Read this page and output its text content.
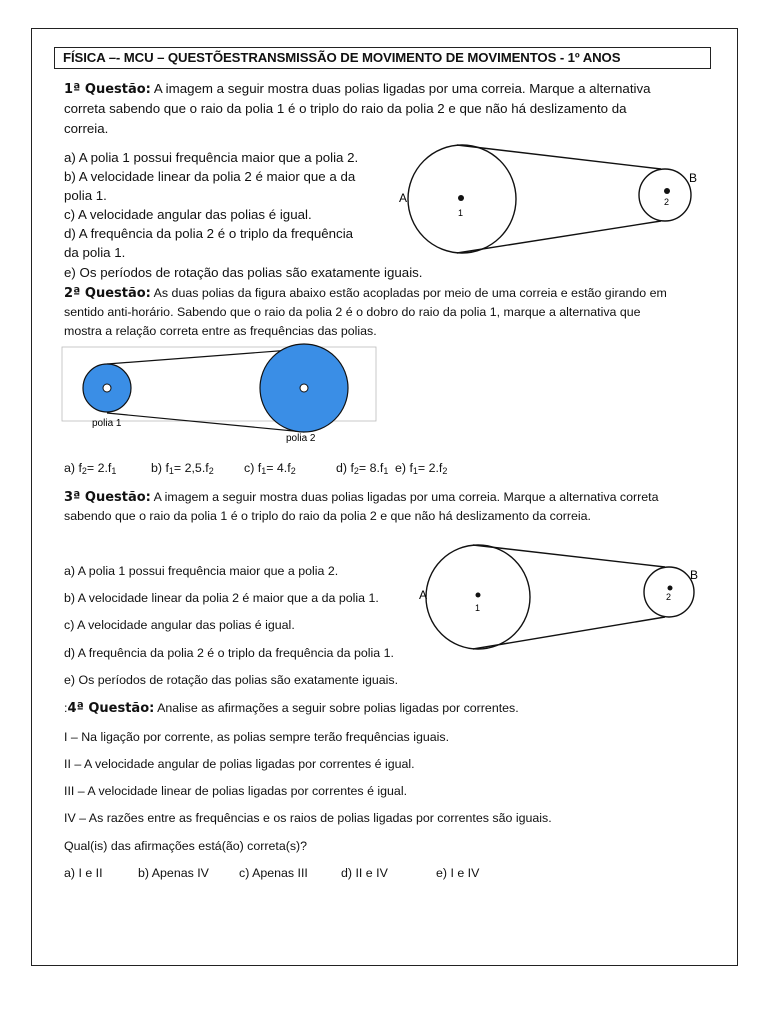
FÍSICA –- MCU – QUESTÕESTRANSMISSÃO DE MOVIMENTO DE MOVIMENTOS - 1º ANOS
1ª Questão: A imagem a seguir mostra duas polias ligadas por uma correia. Marque a alternativa
correta sabendo que o raio da polia 1 é o triplo do raio da polia 2 e que não há deslizamento da
correia.
a) A polia 1 possui frequência maior que a polia 2.
b) A velocidade linear da polia 2 é maior que a da
polia 1.
c) A velocidade angular das polias é igual.
d) A frequência da polia 2 é o triplo da frequência
da polia 1.
e) Os períodos de rotação das polias são exatamente iguais.
A
B
1
2
2ª Questão: As duas polias da figura abaixo estão acopladas por meio de uma correia e estão girando em
sentido anti-horário. Sabendo que o raio da polia 2 é o dobro do raio da polia 1, marque a alternativa que
mostra a relação correta entre as frequências das polias.
polia 1
polia 2
a) $f_2= 2.f_1$	b) $f_1= 2,5.f_2$ c) $f_1= 4.f_2$	d) $f_2= 8.f_1$ e) $f_1= 2.f_2$
3ª Questão: A imagem a seguir mostra duas polias ligadas por uma correia. Marque a alternativa correta
sabendo que o raio da polia 1 é o triplo do raio da polia 2 e que não há deslizamento da correia.
a) A polia 1 possui frequência maior que a polia 2.
b) A velocidade linear da polia 2 é maior que a da polia 1.
c) A velocidade angular das polias é igual.
d) A frequência da polia 2 é o triplo da frequência da polia 1.
e) Os períodos de rotação das polias são exatamente iguais.
A
B
1
2
:4ª Questão: Analise as afirmações a seguir sobre polias ligadas por correntes.
I – Na ligação por corrente, as polias sempre terão frequências iguais.
II – A velocidade angular de polias ligadas por correntes é igual.
III – A velocidade linear de polias ligadas por correntes é igual.
IV – As razões entre as frequências e os raios de polias ligadas por correntes são iguais.
Qual(is) das afirmações está(ão) correta(s)?
a) I e II	b) Apenas IV c) Apenas III	d) II e IV	e) I e IV
